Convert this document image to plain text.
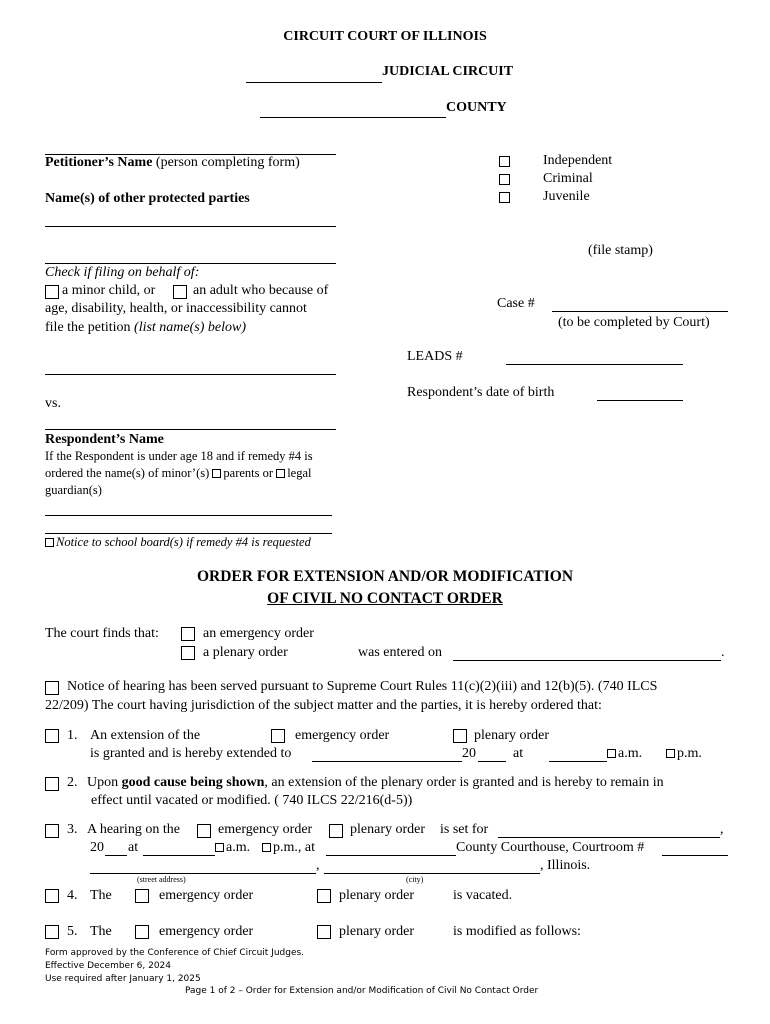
CIRCUIT COURT OF ILLINOIS
JUDICIAL CIRCUIT
COUNTY
Independent
Criminal
Juvenile
Petitioner’s Name (person completing form)
Name(s) of other protected parties
Check if filing on behalf of:
a minor child, or	an adult who because of
age, disability, health, or inaccessibility cannot
file the petition (list name(s) below)
(file stamp)
Case #
(to be completed by Court)
LEADS #
Respondent’s date of birth
vs.
Respondent’s Name
If the Respondent is under age 18 and if remedy #4 is
ordered the name(s) of minor’(s) parents or legal
guardian(s)
Notice to school board(s) if remedy #4 is requested
ORDER FOR EXTENSION AND/OR MODIFICATION
OF CIVIL NO CONTACT ORDER
The court finds that:	an emergency order
a plenary order	was entered on	.
Notice of hearing has been served pursuant to Supreme Court Rules 11(c)(2)(iii) and 12(b)(5). (740 ILCS
22/209) The court having jurisdiction of the subject matter and the parties, it is hereby ordered that:
1. An extension of the	emergency order	plenary order
is granted and is hereby extended to	20	at	a.m.	p.m.
2. Upon good cause being shown, an extension of the plenary order is granted and is hereby to remain in
effect until vacated or modified. ( 740 ILCS 22/216(d-5))
3. A hearing on the	emergency order	plenary order is set for	,
20 at	a.m.	p.m., at	County Courthouse, Courtroom #
,	, Illinois.
(street address)	(city)
4. The	emergency order	plenary order	is vacated.
5. The	emergency order	plenary order	is modified as follows:
Form approved by the Conference of Chief Circuit Judges.
Effective December 6, 2024
Use required after January 1, 2025
Page 1 of 2 – Order for Extension and/or Modification of Civil No Contact Order
